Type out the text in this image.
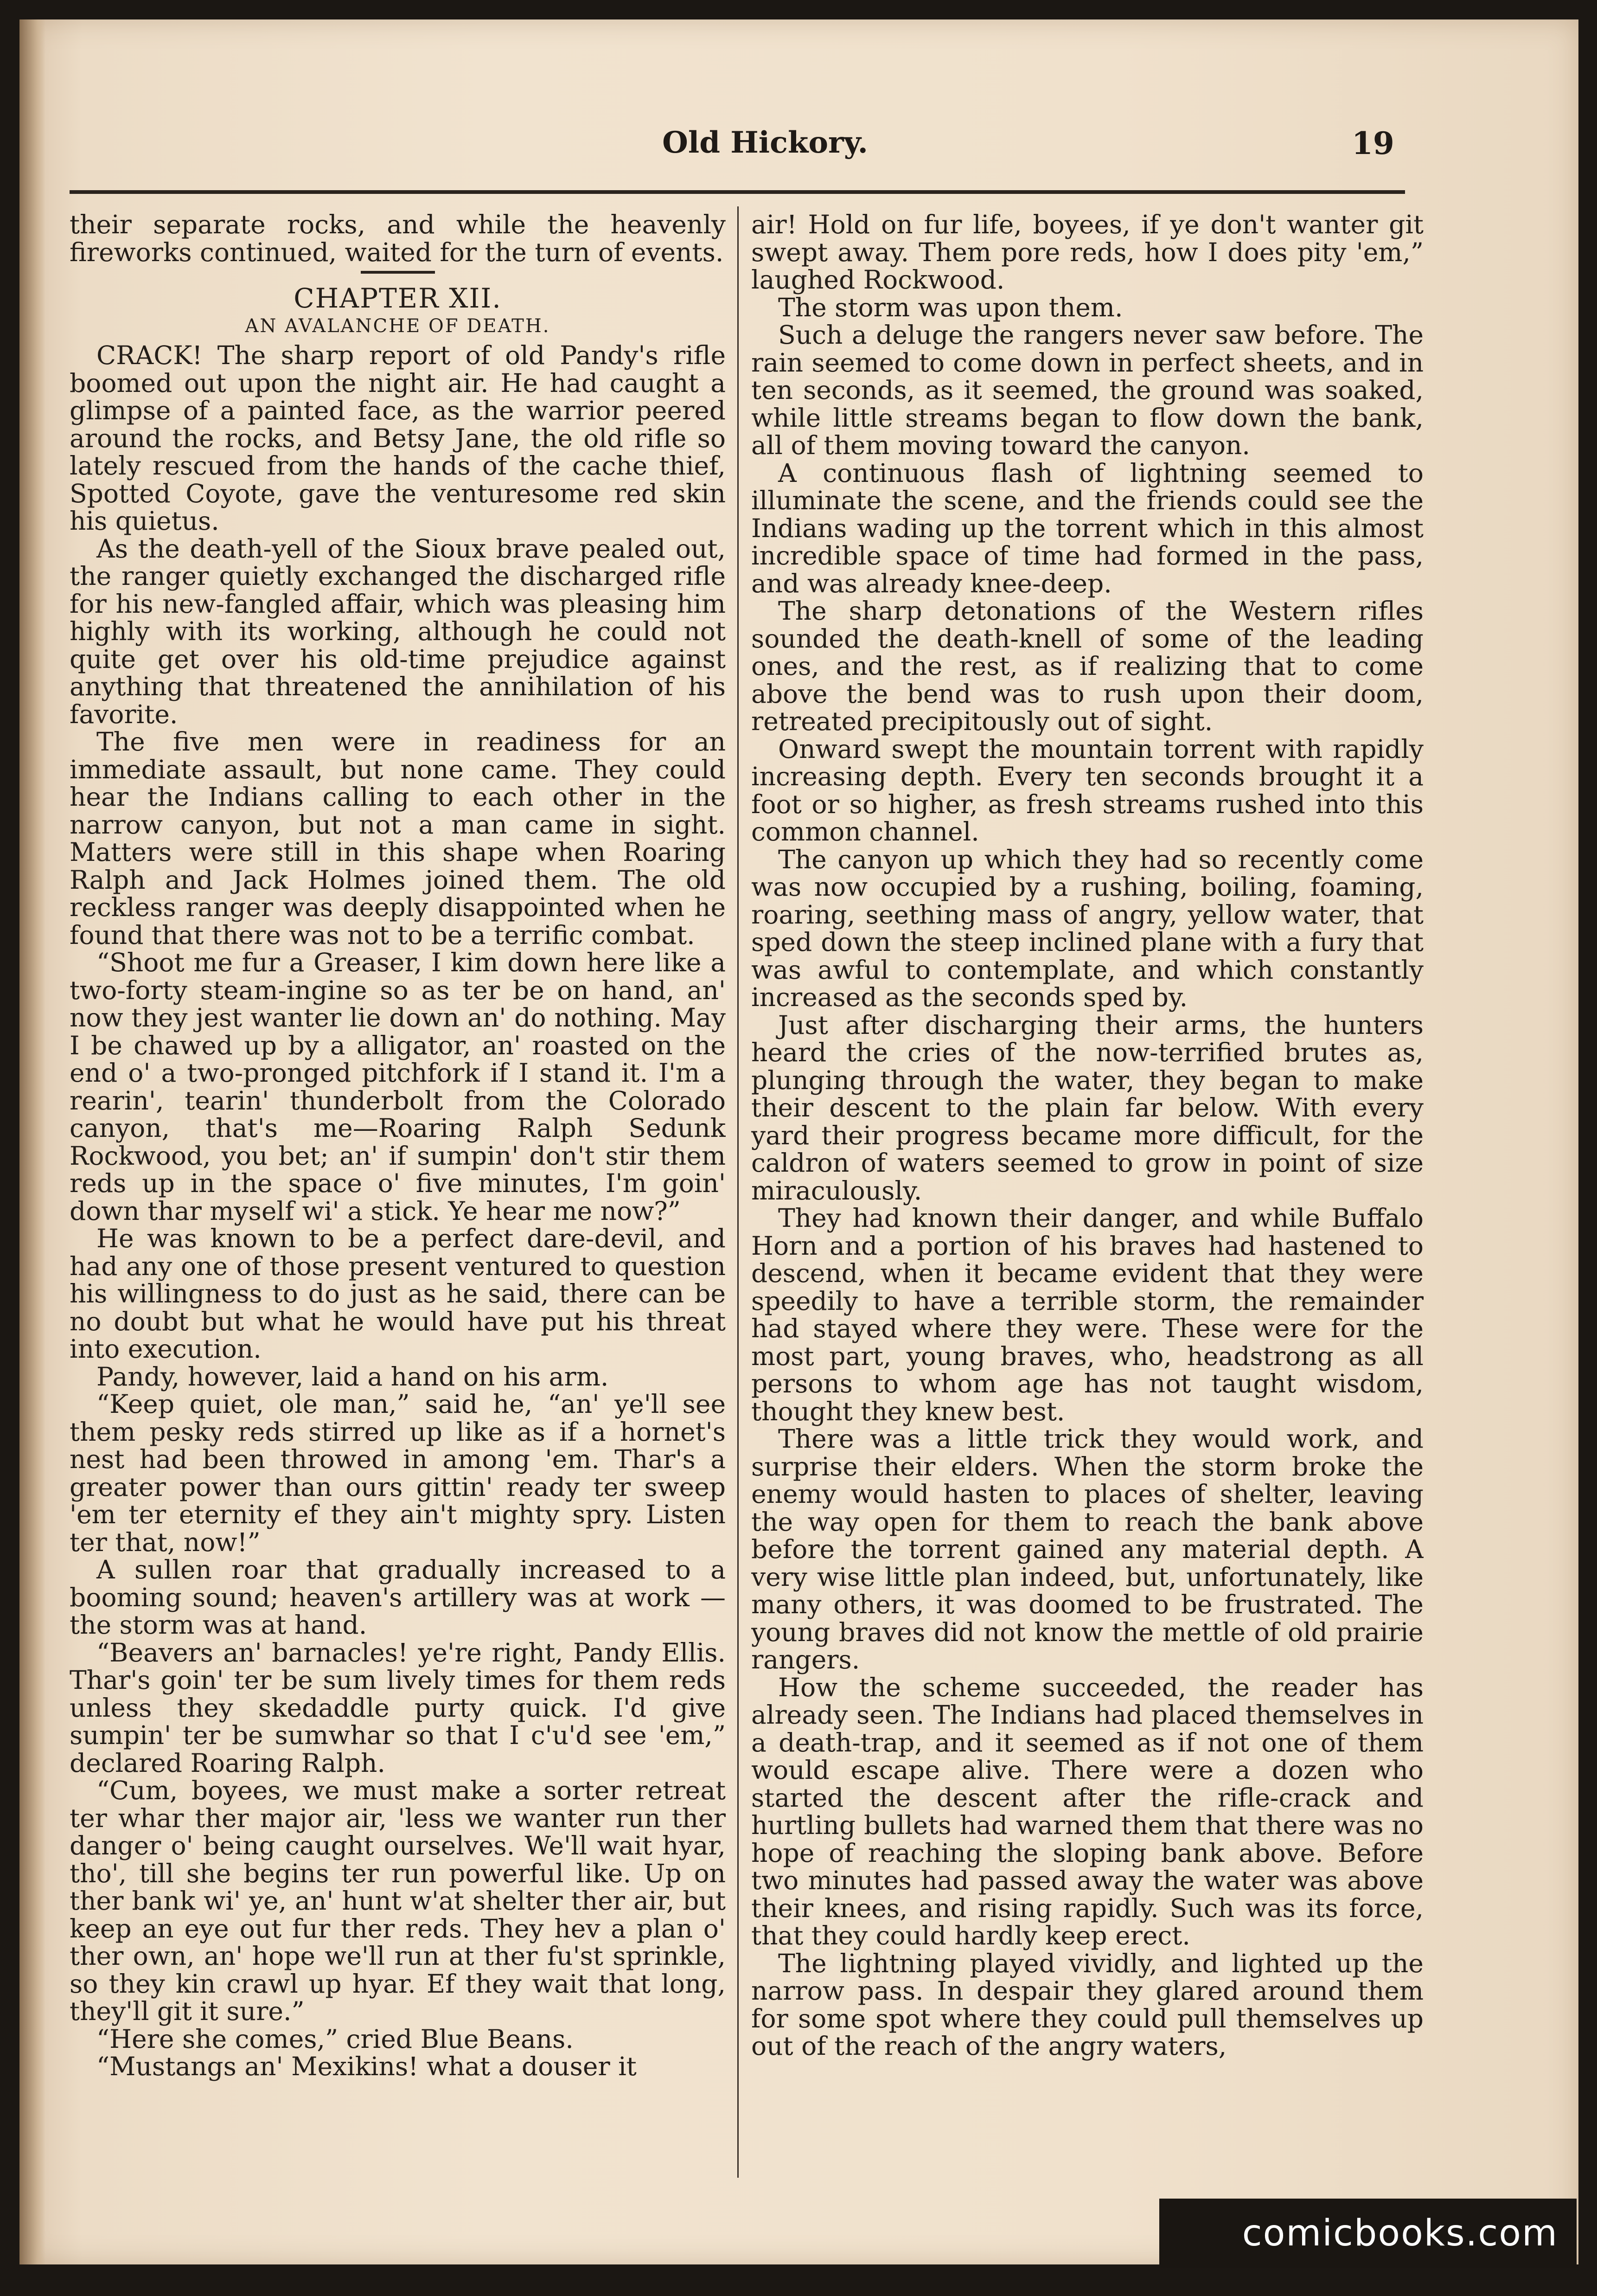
Old Hickory.	19

their separate rocks, and while the heavenly fireworks continued, waited for the turn of events.

CHAPTER XII.
AN AVALANCHE OF DEATH.

CRACK! The sharp report of old Pandy's rifle boomed out upon the night air. He had caught a glimpse of a painted face, as the warrior peered around the rocks, and Betsy Jane, the old rifle so lately rescued from the hands of the cache thief, Spotted Coyote, gave the venturesome red skin his quietus.

As the death-yell of the Sioux brave pealed out, the ranger quietly exchanged the discharged rifle for his new-fangled affair, which was pleasing him highly with its working, although he could not quite get over his old-time prejudice against anything that threatened the annihilation of his favorite.

The five men were in readiness for an immediate assault, but none came. They could hear the Indians calling to each other in the narrow canyon, but not a man came in sight. Matters were still in this shape when Roaring Ralph and Jack Holmes joined them. The old reckless ranger was deeply disappointed when he found that there was not to be a terrific combat.

“Shoot me fur a Greaser, I kim down here like a two-forty steam-ingine so as ter be on hand, an' now they jest wanter lie down an' do nothing. May I be chawed up by a alligator, an' roasted on the end o' a two-pronged pitchfork if I stand it. I'm a rearin', tearin' thunderbolt from the Colorado canyon, that's me—Roaring Ralph Sedunk Rockwood, you bet; an' if sumpin' don't stir them reds up in the space o' five minutes, I'm goin' down thar myself wi' a stick. Ye hear me now?”

He was known to be a perfect dare-devil, and had any one of those present ventured to question his willingness to do just as he said, there can be no doubt but what he would have put his threat into execution.

Pandy, however, laid a hand on his arm.

“Keep quiet, ole man,” said he, “an' ye'll see them pesky reds stirred up like as if a hornet's nest had been throwed in among 'em. Thar's a greater power than ours gittin' ready ter sweep 'em ter eternity ef they ain't mighty spry. Listen ter that, now!”

A sullen roar that gradually increased to a booming sound; heaven's artillery was at work —the storm was at hand.

“Beavers an' barnacles! ye're right, Pandy Ellis. Thar's goin' ter be sum lively times for them reds unless they skedaddle purty quick. I'd give sumpin' ter be sumwhar so that I c'u'd see 'em,” declared Roaring Ralph.

“Cum, boyees, we must make a sorter retreat ter whar ther major air, 'less we wanter run ther danger o' being caught ourselves. We'll wait hyar, tho', till she begins ter run powerful like. Up on ther bank wi' ye, an' hunt w'at shelter ther air, but keep an eye out fur ther reds. They hev a plan o' ther own, an' hope we'll run at ther fu'st sprinkle, so they kin crawl up hyar. Ef they wait that long, they'll git it sure.”

“Here she comes,” cried Blue Beans.

“Mustangs an' Mexikins! what a douser it

air! Hold on fur life, boyees, if ye don't wanter git swept away. Them pore reds, how I does pity 'em,” laughed Rockwood.

The storm was upon them.

Such a deluge the rangers never saw before. The rain seemed to come down in perfect sheets, and in ten seconds, as it seemed, the ground was soaked, while little streams began to flow down the bank, all of them moving toward the canyon.

A continuous flash of lightning seemed to illuminate the scene, and the friends could see the Indians wading up the torrent which in this almost incredible space of time had formed in the pass, and was already knee-deep.

The sharp detonations of the Western rifles sounded the death-knell of some of the leading ones, and the rest, as if realizing that to come above the bend was to rush upon their doom, retreated precipitously out of sight.

Onward swept the mountain torrent with rapidly increasing depth. Every ten seconds brought it a foot or so higher, as fresh streams rushed into this common channel.

The canyon up which they had so recently come was now occupied by a rushing, boiling, foaming, roaring, seething mass of angry, yellow water, that sped down the steep inclined plane with a fury that was awful to contemplate, and which constantly increased as the seconds sped by.

Just after discharging their arms, the hunters heard the cries of the now-terrified brutes as, plunging through the water, they began to make their descent to the plain far below. With every yard their progress became more difficult, for the caldron of waters seemed to grow in point of size miraculously.

They had known their danger, and while Buffalo Horn and a portion of his braves had hastened to descend, when it became evident that they were speedily to have a terrible storm, the remainder had stayed where they were. These were for the most part, young braves, who, headstrong as all persons to whom age has not taught wisdom, thought they knew best.

There was a little trick they would work, and surprise their elders. When the storm broke the enemy would hasten to places of shelter, leaving the way open for them to reach the bank above before the torrent gained any material depth. A very wise little plan indeed, but, unfortunately, like many others, it was doomed to be frustrated. The young braves did not know the mettle of old prairie rangers.

How the scheme succeeded, the reader has already seen. The Indians had placed themselves in a death-trap, and it seemed as if not one of them would escape alive. There were a dozen who started the descent after the rifle-crack and hurtling bullets had warned them that there was no hope of reaching the sloping bank above. Before two minutes had passed away the water was above their knees, and rising rapidly. Such was its force, that they could hardly keep erect.

The lightning played vividly, and lighted up the narrow pass. In despair they glared around them for some spot where they could pull themselves up out of the reach of the angry waters,

comicbooks.com
